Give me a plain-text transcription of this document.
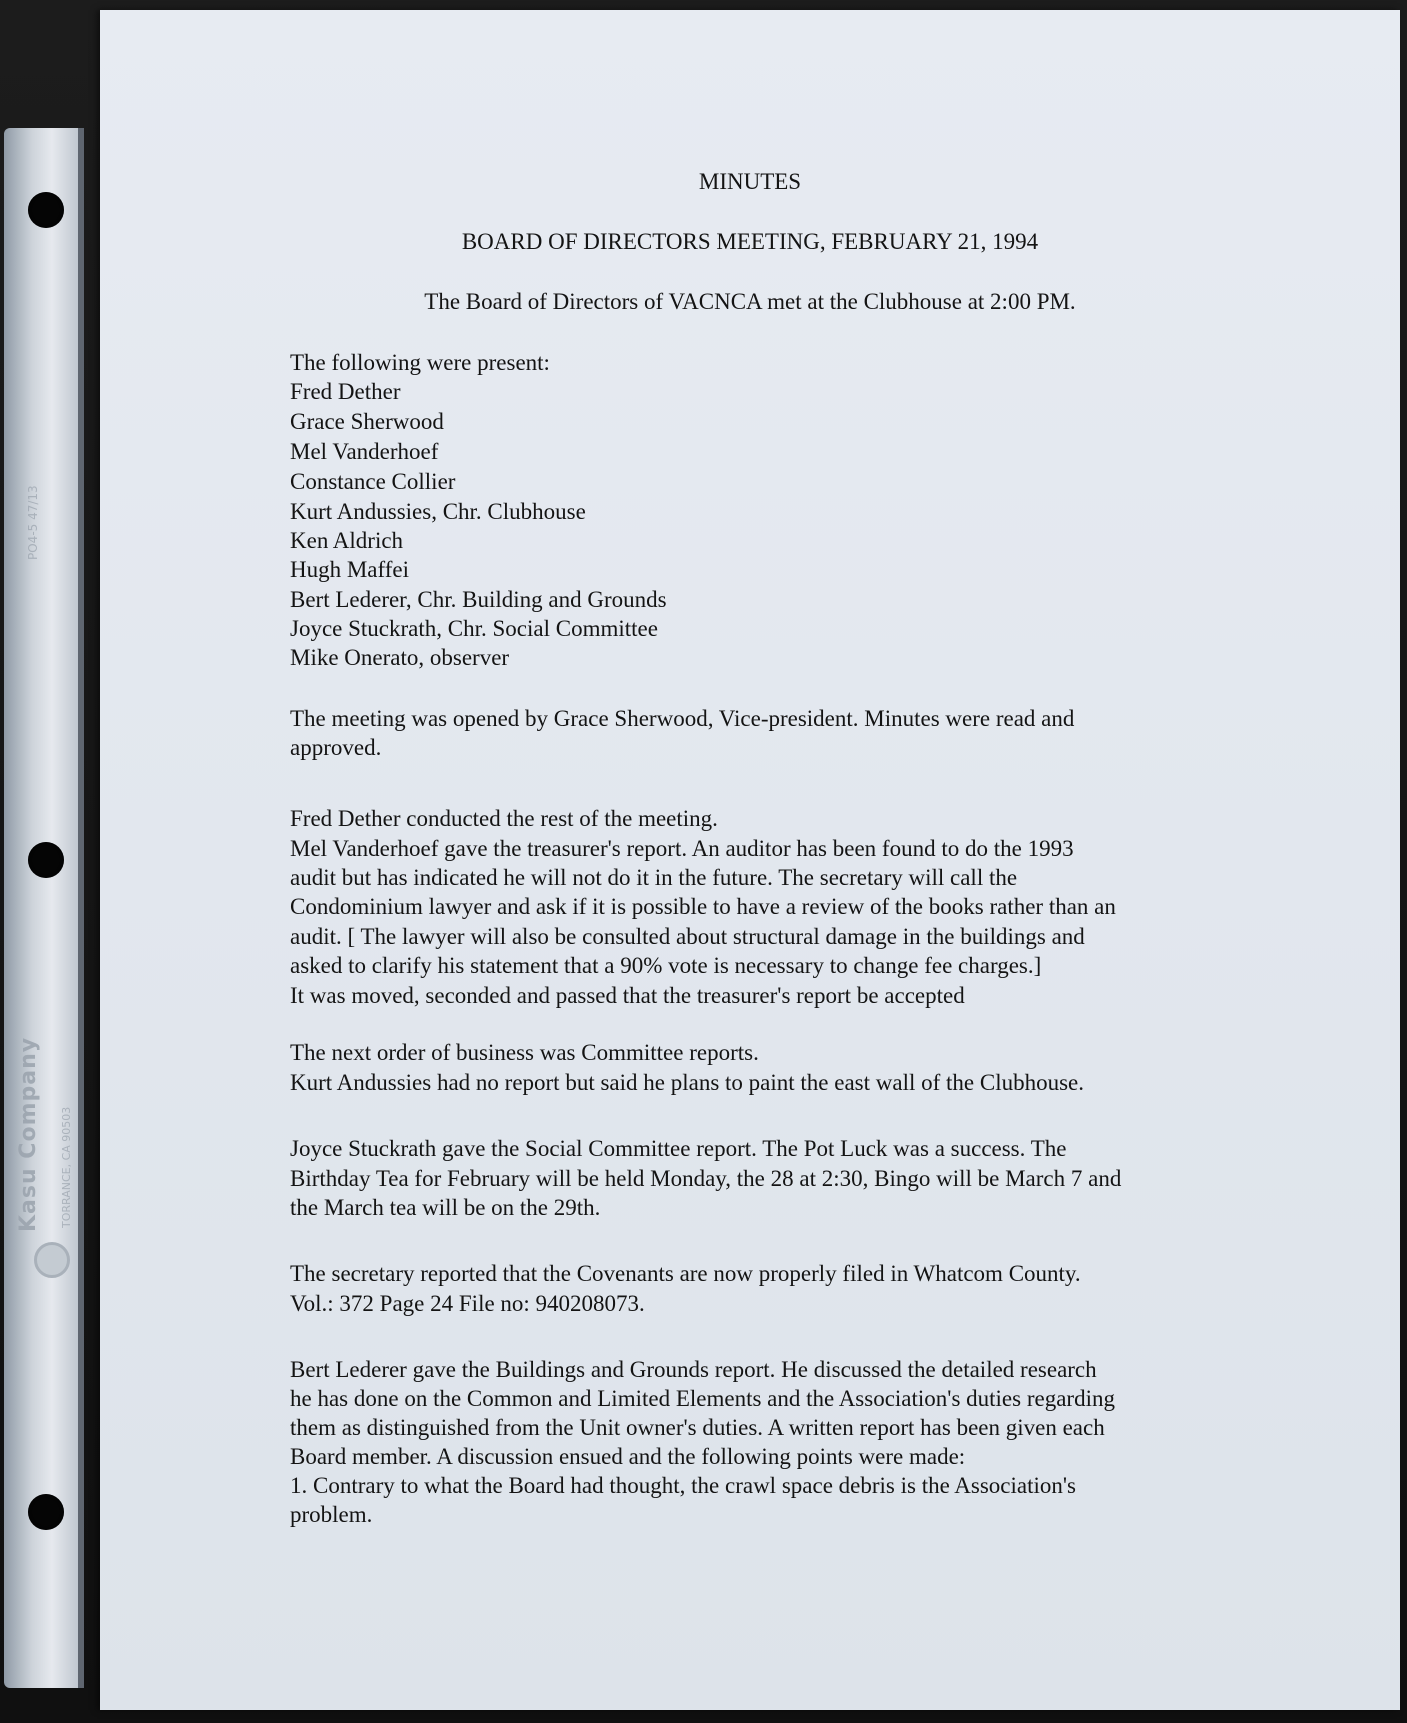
Kasu Company TORRANCE, CA 90503
PO4-5 47/13
MINUTES
BOARD OF DIRECTORS MEETING, FEBRUARY 21, 1994
The Board of Directors of VACNCA met at the Clubhouse at 2:00 PM.
The following were present:
Fred Dether
Grace Sherwood
Mel Vanderhoef
Constance Collier
Kurt Andussies, Chr. Clubhouse
Ken Aldrich
Hugh Maffei
Bert Lederer, Chr. Building and Grounds
Joyce Stuckrath, Chr. Social Committee
Mike Onerato, observer
The meeting was opened by Grace Sherwood, Vice-president. Minutes were read and
approved.
Fred Dether conducted the rest of the meeting.
Mel Vanderhoef gave the treasurer's report. An auditor has been found to do the 1993
audit but has indicated he will not do it in the future. The secretary will call the
Condominium lawyer and ask if it is possible to have a review of the books rather than an
audit. [ The lawyer will also be consulted about structural damage in the buildings and
asked to clarify his statement that a 90% vote is necessary to change fee charges.]
It was moved, seconded and passed that the treasurer's report be accepted
The next order of business was Committee reports.
Kurt Andussies had no report but said he plans to paint the east wall of the Clubhouse.
Joyce Stuckrath gave the Social Committee report. The Pot Luck was a success. The
Birthday Tea for February will be held Monday, the 28 at 2:30, Bingo will be March 7 and
the March tea will be on the 29th.
The secretary reported that the Covenants are now properly filed in Whatcom County.
Vol.: 372 Page 24 File no: 940208073.
Bert Lederer gave the Buildings and Grounds report. He discussed the detailed research
he has done on the Common and Limited Elements and the Association's duties regarding
them as distinguished from the Unit owner's duties. A written report has been given each
Board member. A discussion ensued and the following points were made:
1. Contrary to what the Board had thought, the crawl space debris is the Association's
problem.
